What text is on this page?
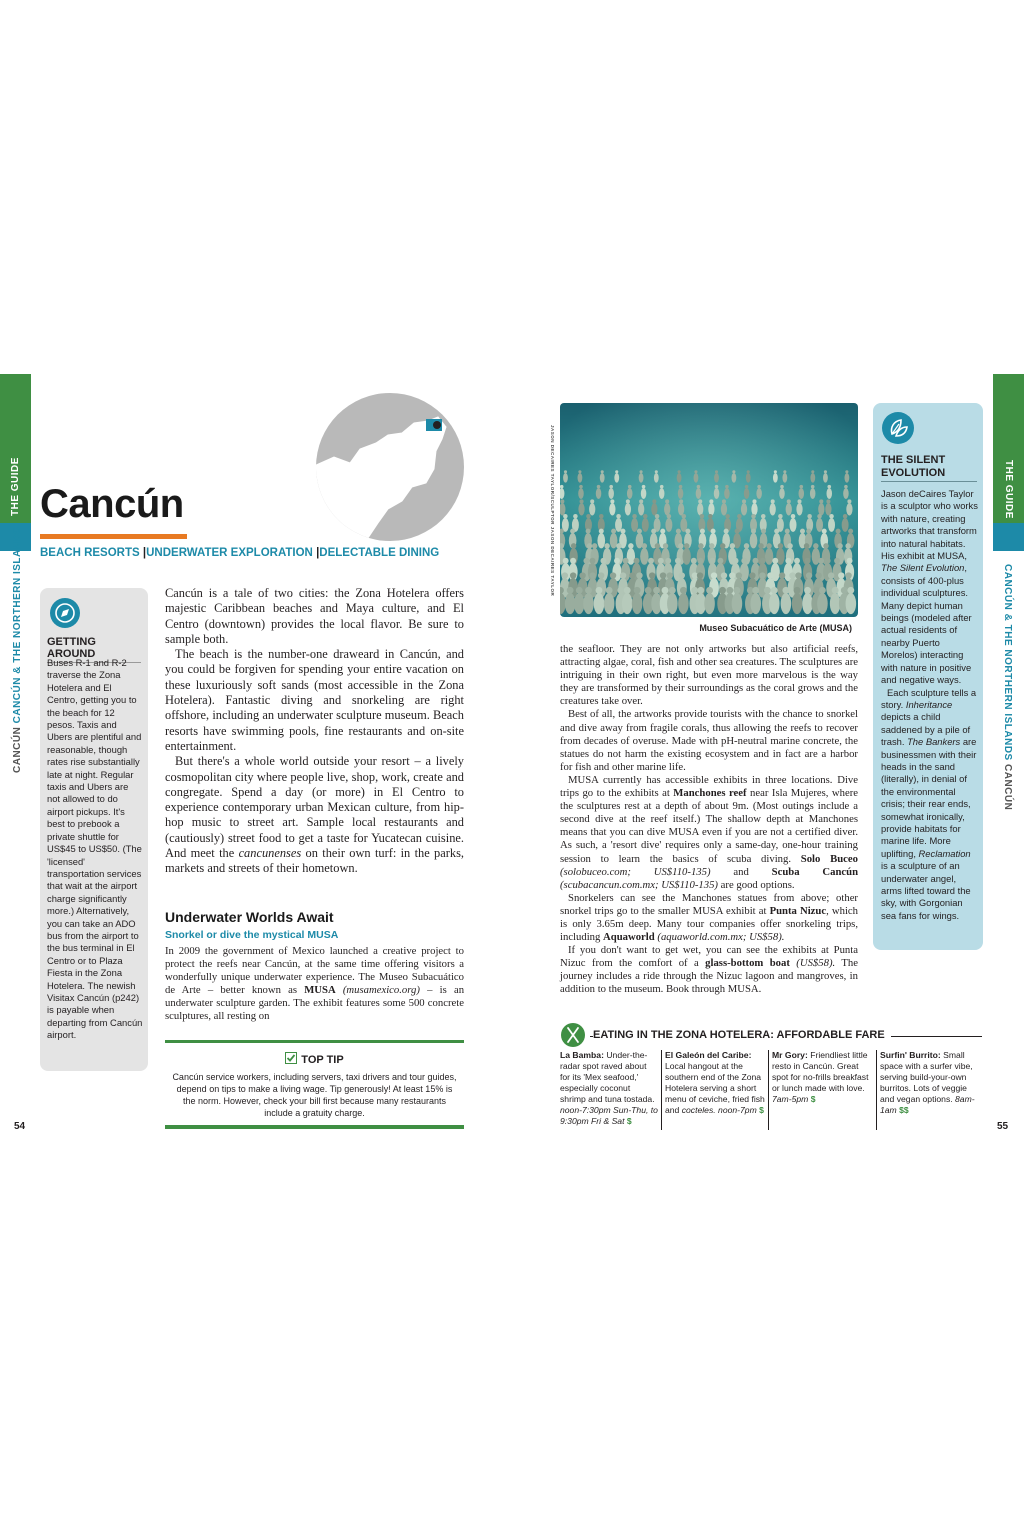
THE GUIDE
CANCÚN CANCÚN & THE NORTHERN ISLANDS
Cancún
BEACH RESORTS |UNDERWATER EXPLORATION |DELECTABLE DINING
GETTING AROUND
Buses R-1 and R-2 traverse the Zona Hotelera and El Centro, getting you to the beach for 12 pesos. Taxis and Ubers are plentiful and reasonable, though rates rise substantially late at night. Regular taxis and Ubers are not allowed to do airport pickups. It's best to prebook a private shuttle for US$45 to US$50. (The 'licensed' transportation services that wait at the airport charge significantly more.) Alternatively, you can take an ADO bus from the airport to the bus terminal in El Centro or to Plaza Fiesta in the Zona Hotelera. The newish Visitax Cancún (p242) is payable when departing from Cancún airport.

Cancún is a tale of two cities: the Zona Hotelera offers majestic Caribbean beaches and Maya culture, and El Centro (downtown) provides the local flavor. Be sure to sample both.

The beach is the number-one draweard in Cancún, and you could be forgiven for spending your entire vacation on these luxuriously soft sands (most accessible in the Zona Hotelera). Fantastic diving and snorkeling are right offshore, including an underwater sculpture museum. Beach resorts have swimming pools, fine restaurants and on-site entertainment.

But there's a whole world outside your resort – a lively cosmopolitan city where people live, shop, work, create and congregate. Spend a day (or more) in El Centro to experience contemporary urban Mexican culture, from hip-hop music to street art. Sample local restaurants and (cautiously) street food to get a taste for Yucatecan cuisine. And meet the cancunenses on their own turf: in the parks, markets and streets of their hometown.

Underwater Worlds Await
Snorkel or dive the mystical MUSA

In 2009 the government of Mexico launched a creative project to protect the reefs near Cancún, at the same time offering visitors a wonderfully unique underwater experience. The Museo Subacuático de Arte – better known as MUSA (musamexico.org) – is an underwater sculpture garden. The exhibit features some 500 concrete sculptures, all resting on

TOP TIP
Cancún service workers, including servers, taxi drivers and tour guides, depend on tips to make a living wage. Tip generously! At least 15% is the norm. However, check your bill first because many restaurants include a gratuity charge.
54
JASON DECAIRES TAYLOR/SCULPTOR JASON DECAIRES TAYLOR
Museo Subacuático de Arte (MUSA)

the seafloor. They are not only artworks but also artificial reefs, attracting algae, coral, fish and other sea creatures. The sculptures are intriguing in their own right, but even more marvelous is the way they are transformed by their surroundings as the coral grows and the creatures take over.

Best of all, the artworks provide tourists with the chance to snorkel and dive away from fragile corals, thus allowing the reefs to recover from decades of overuse. Made with pH-neutral marine concrete, the statues do not harm the existing ecosystem and in fact are a harbor for fish and other marine life.

MUSA currently has accessible exhibits in three locations. Dive trips go to the exhibits at Manchones reef near Isla Mujeres, where the sculptures rest at a depth of about 9m. (Most outings include a second dive at the reef itself.) The shallow depth at Manchones means that you can dive MUSA even if you are not a certified diver. As such, a 'resort dive' requires only a same-day, one-hour training session to learn the basics of scuba diving. Solo Buceo (solobuceo.com; US$110-135) and Scuba Cancún (scubacancun.com.mx; US$110-135) are good options.

Snorkelers can see the Manchones statues from above; other snorkel trips go to the smaller MUSA exhibit at Punta Nizuc, which is only 3.65m deep. Many tour companies offer snorkeling trips, including Aquaworld (aquaworld.com.mx; US$58).

If you don't want to get wet, you can see the exhibits at Punta Nizuc from the comfort of a glass-bottom boat (US$58). The journey includes a ride through the Nizuc lagoon and mangroves, in addition to the museum. Book through MUSA.

THE SILENT EVOLUTION

Jason deCaires Taylor is a sculptor who works with nature, creating artworks that transform into natural habitats. His exhibit at MUSA, The Silent Evolution, consists of 400-plus individual sculptures. Many depict human beings (modeled after actual residents of nearby Puerto Morelos) interacting with nature in positive and negative ways.

Each sculpture tells a story. Inheritance depicts a child saddened by a pile of trash. The Bankers are businessmen with their heads in the sand (literally), in denial of the environmental crisis; their rear ends, somewhat ironically, provide habitats for marine life. More uplifting, Reclamation is a sculpture of an underwater angel, arms lifted toward the sky, with Gorgonian sea fans for wings.

THE GUIDE
CANCÚN & THE NORTHERN ISLANDS CANCÚN
EATING IN THE ZONA HOTELERA: AFFORDABLE FARE
La Bamba: Under-the-radar spot raved about for its 'Mex seafood,' especially coconut shrimp and tuna tostada. noon-7:30pm Sun-Thu, to 9:30pm Fri & Sat $
El Galeón del Caribe: Local hangout at the southern end of the Zona Hotelera serving a short menu of ceviche, fried fish and cocteles. noon-7pm $
Mr Gory: Friendliest little resto in Cancún. Great spot for no-frills breakfast or lunch made with love. 7am-5pm $
Surfin' Burrito: Small space with a surfer vibe, serving build-your-own burritos. Lots of veggie and vegan options. 8am-1am $$
55
